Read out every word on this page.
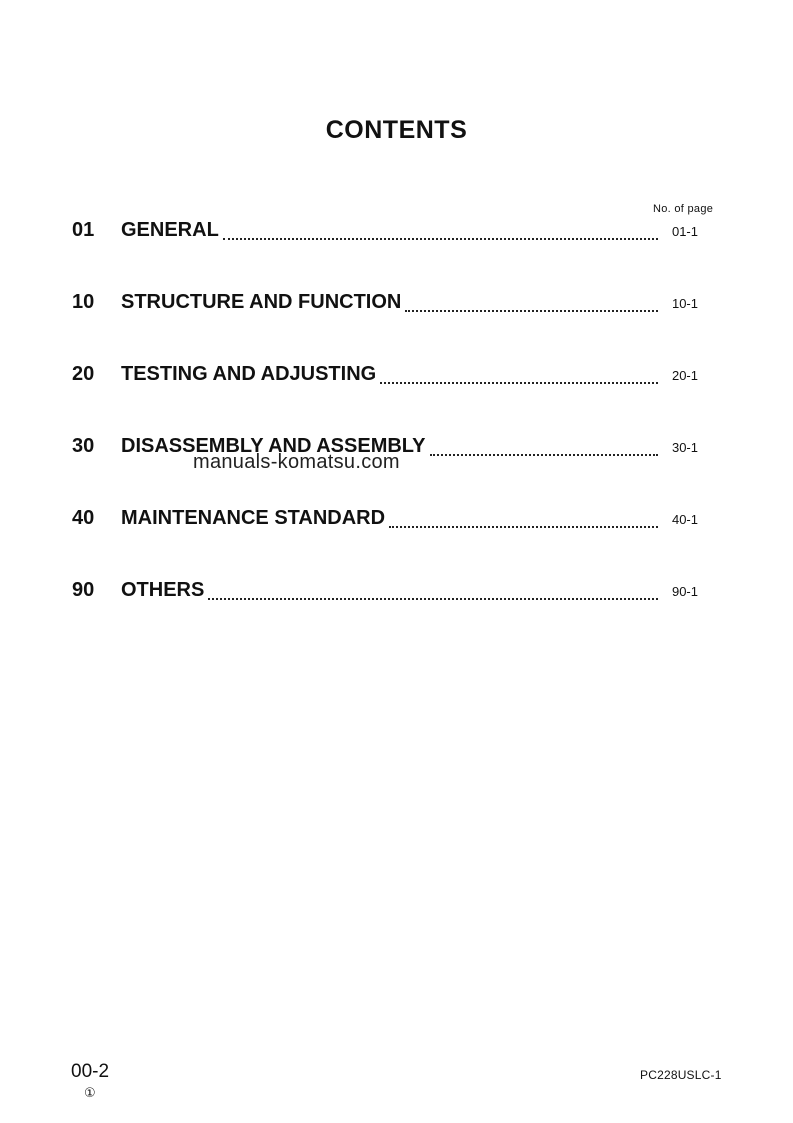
CONTENTS
No. of page
01	GENERAL	01-1
10	STRUCTURE AND FUNCTION	10-1
20	TESTING AND ADJUSTING	20-1
30	DISASSEMBLY AND ASSEMBLY	30-1
40	MAINTENANCE STANDARD	40-1
90	OTHERS	90-1
manuals-komatsu.com
00-2
①
PC228USLC-1
